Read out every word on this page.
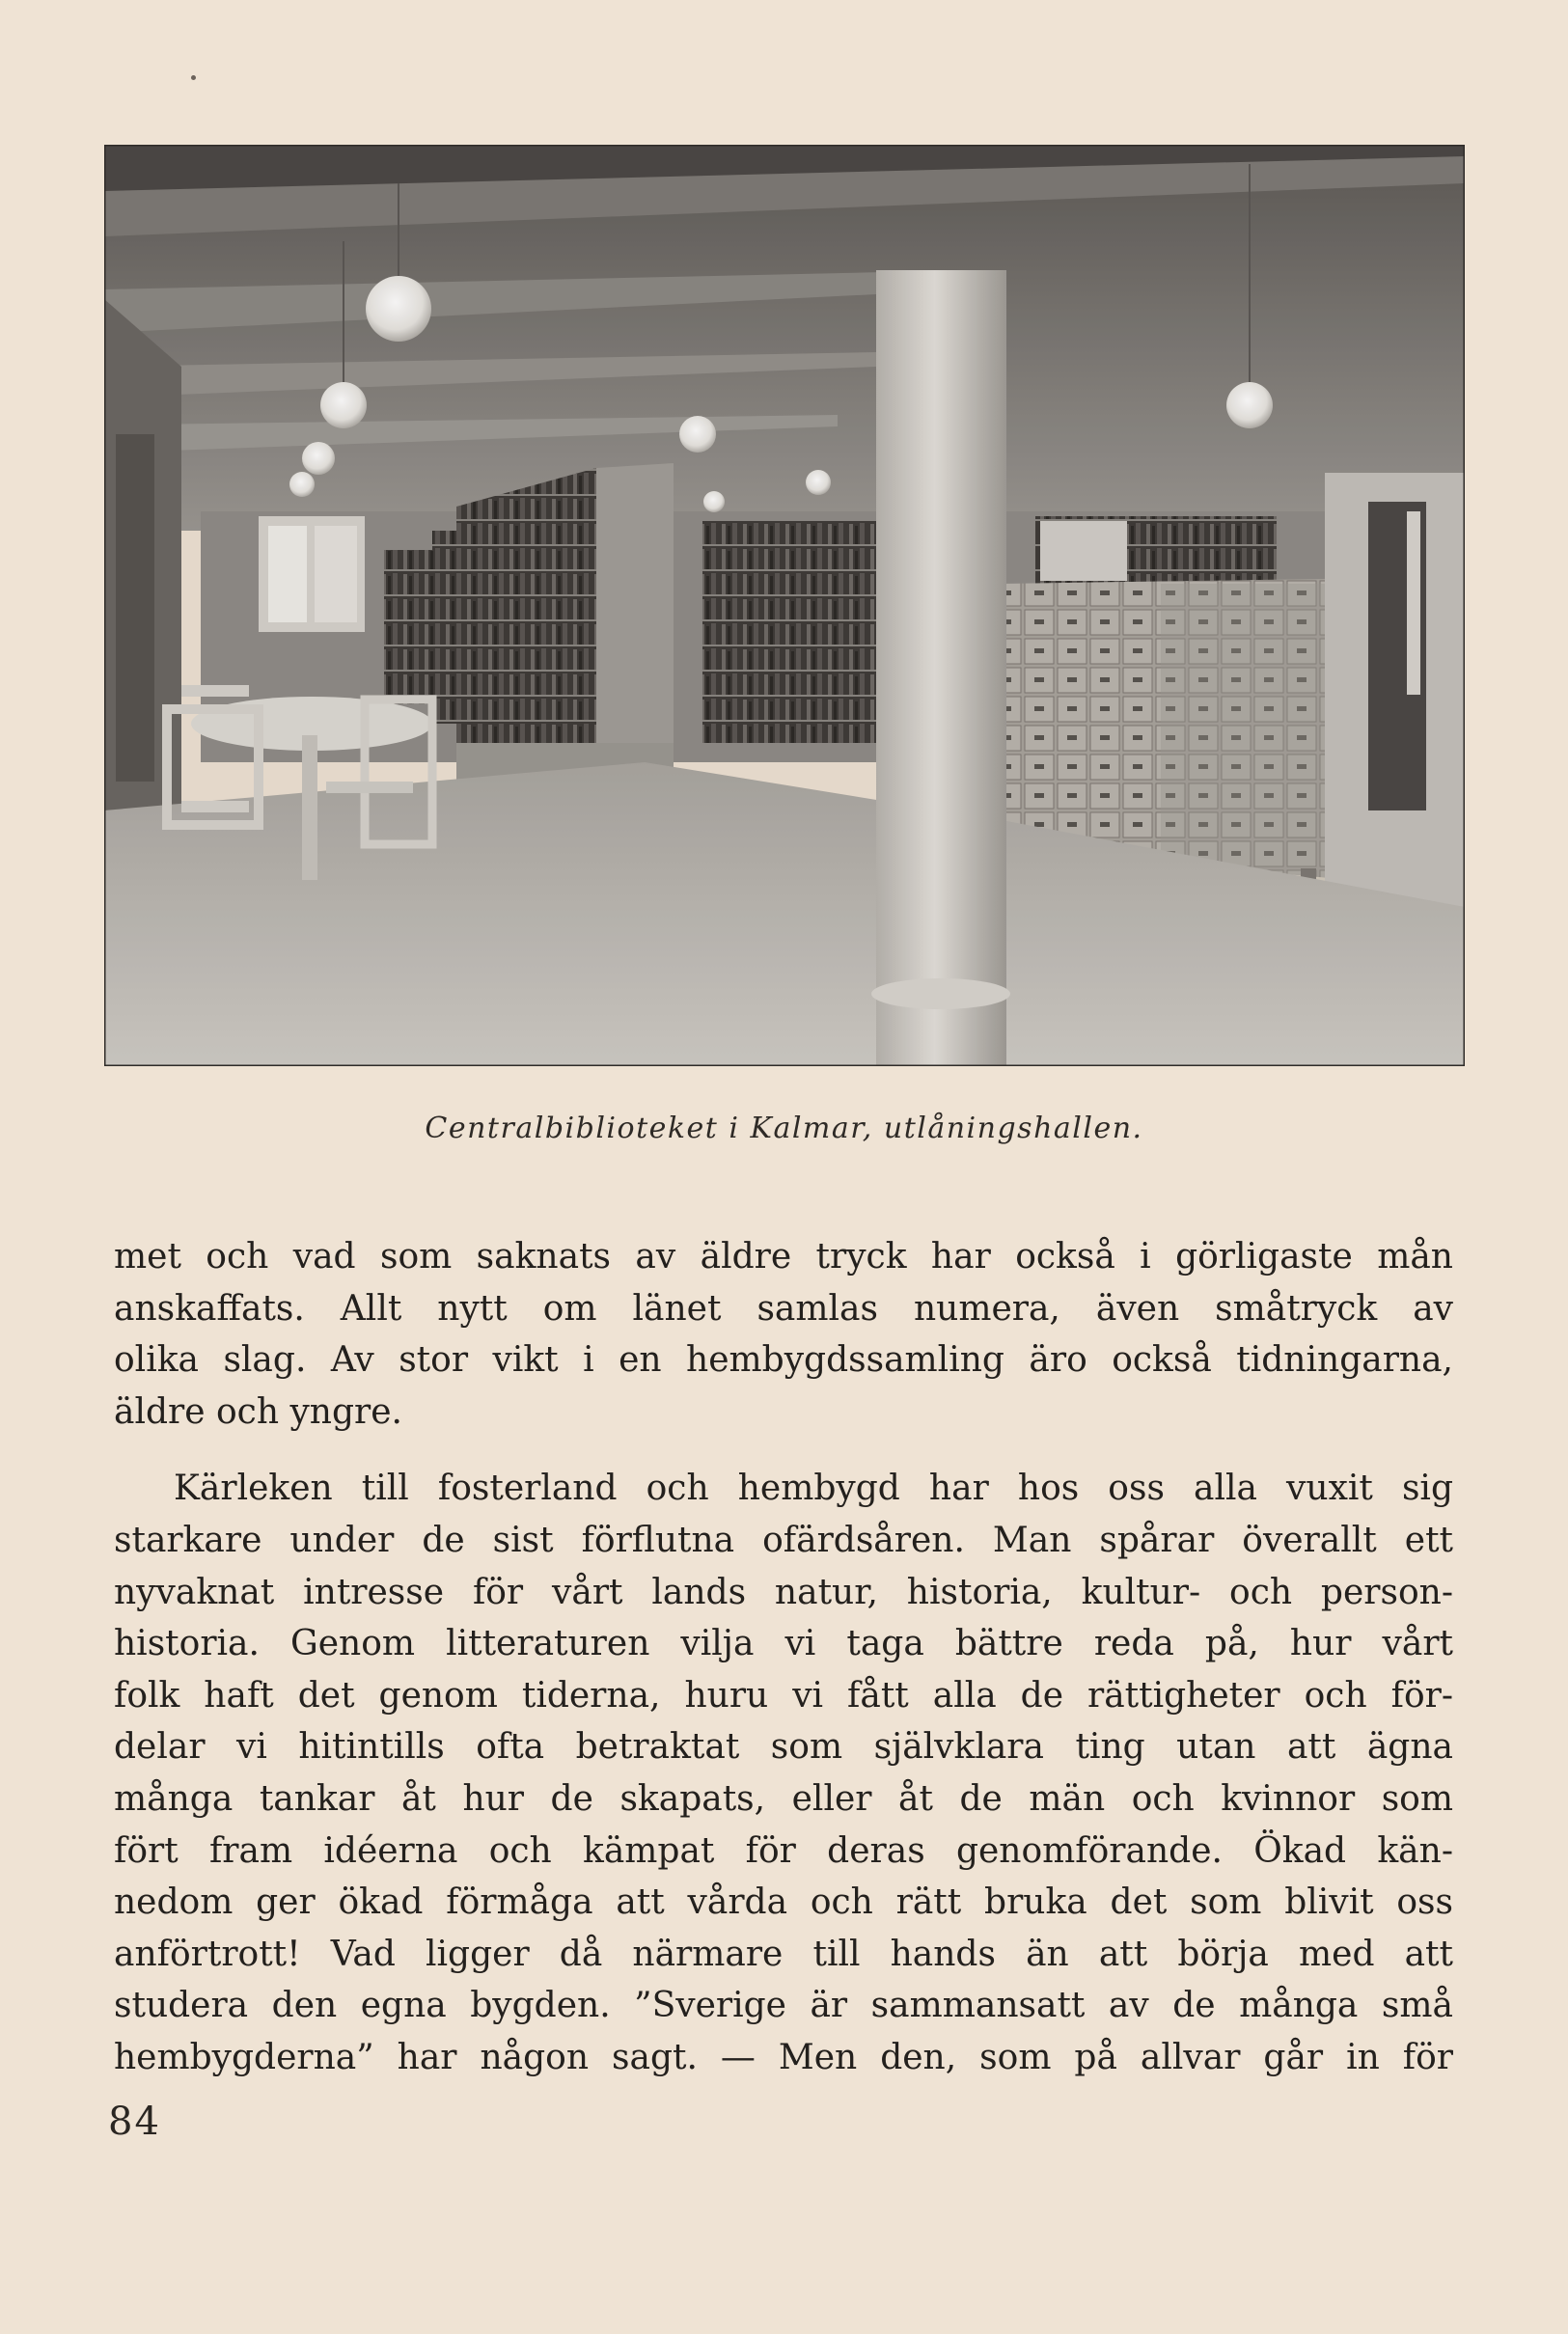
Centralbiblioteket i Kalmar, utlåningshallen.
met och vad som saknats av äldre tryck har också i görligaste mån
anskaffats. Allt nytt om länet samlas numera, även småtryck av
olika slag. Av stor vikt i en hembygdssamling äro också tidningarna,
äldre och yngre.
Kärleken till fosterland och hembygd har hos oss alla vuxit sig
starkare under de sist förflutna ofärdsåren. Man spårar överallt ett
nyvaknat intresse för vårt lands natur, historia, kultur- och person-
historia. Genom litteraturen vilja vi taga bättre reda på, hur vårt
folk haft det genom tiderna, huru vi fått alla de rättigheter och för-
delar vi hitintills ofta betraktat som självklara ting utan att ägna
många tankar åt hur de skapats, eller åt de män och kvinnor som
fört fram idéerna och kämpat för deras genomförande. Ökad kän-
nedom ger ökad förmåga att vårda och rätt bruka det som blivit oss
anförtrott! Vad ligger då närmare till hands än att börja med att
studera den egna bygden. ”Sverige är sammansatt av de många små
hembygderna” har någon sagt. — Men den, som på allvar går in för
84
